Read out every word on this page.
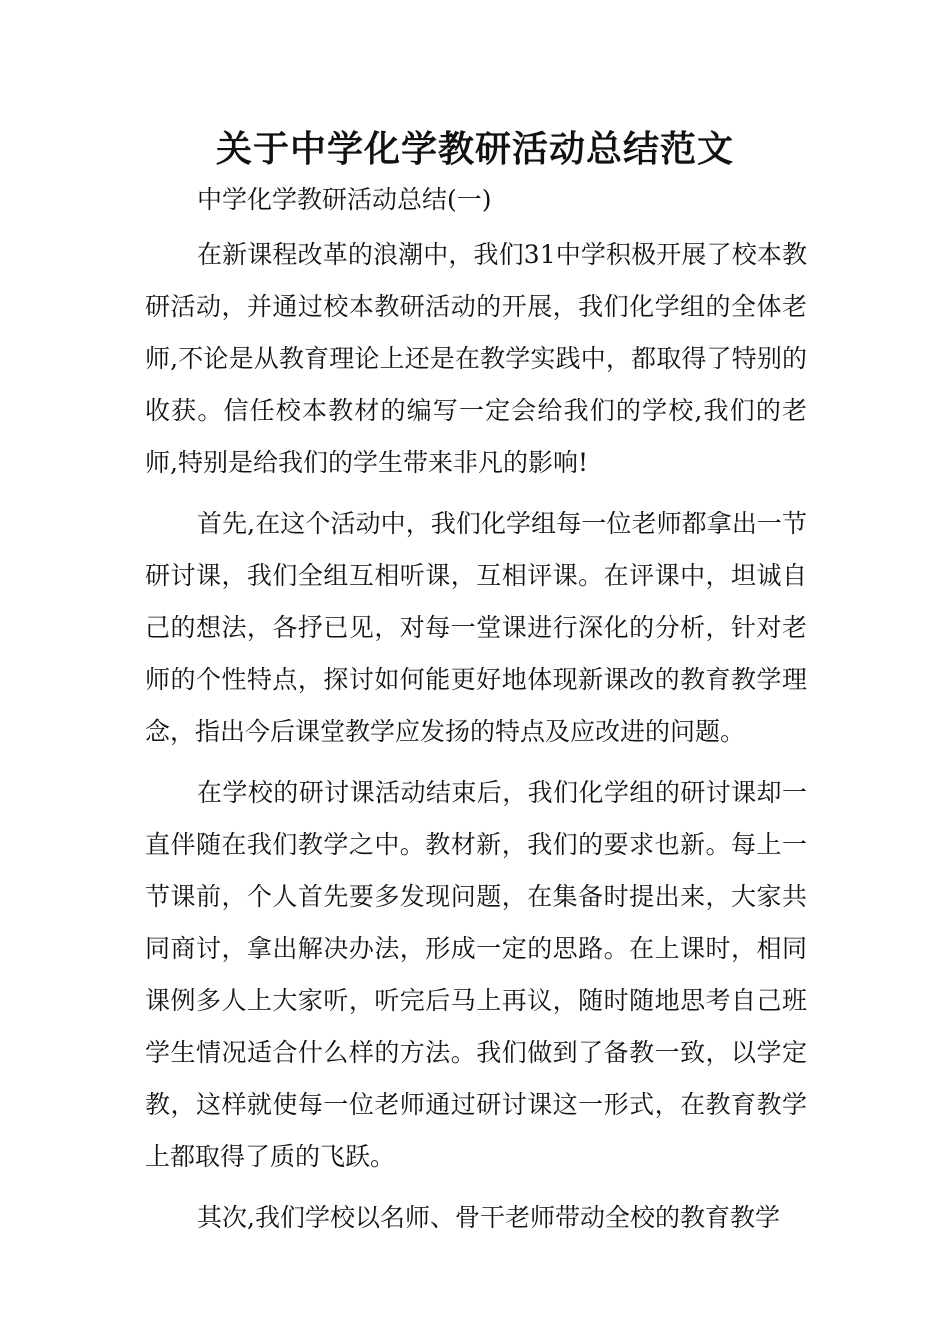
关于中学化学教研活动总结范文

中学化学教研活动总结(一)

在新课程改革的浪潮中，我们31中学积极开展了校本教研活动，并通过校本教研活动的开展，我们化学组的全体老师,不论是从教育理论上还是在教学实践中，都取得了特别的收获。信任校本教材的编写一定会给我们的学校,我们的老师,特别是给我们的学生带来非凡的影响!

首先,在这个活动中，我们化学组每一位老师都拿出一节研讨课，我们全组互相听课，互相评课。在评课中，坦诚自己的想法，各抒已见，对每一堂课进行深化的分析，针对老师的个性特点，探讨如何能更好地体现新课改的教育教学理念，指出今后课堂教学应发扬的特点及应改进的问题。

在学校的研讨课活动结束后，我们化学组的研讨课却一直伴随在我们教学之中。教材新，我们的要求也新。每上一节课前，个人首先要多发现问题，在集备时提出来，大家共同商讨，拿出解决办法，形成一定的思路。在上课时，相同课例多人上大家听，听完后马上再议，随时随地思考自己班学生情况适合什么样的方法。我们做到了备教一致，以学定教，这样就使每一位老师通过研讨课这一形式，在教育教学上都取得了质的飞跃。

其次,我们学校以名师、骨干老师带动全校的教育教学
